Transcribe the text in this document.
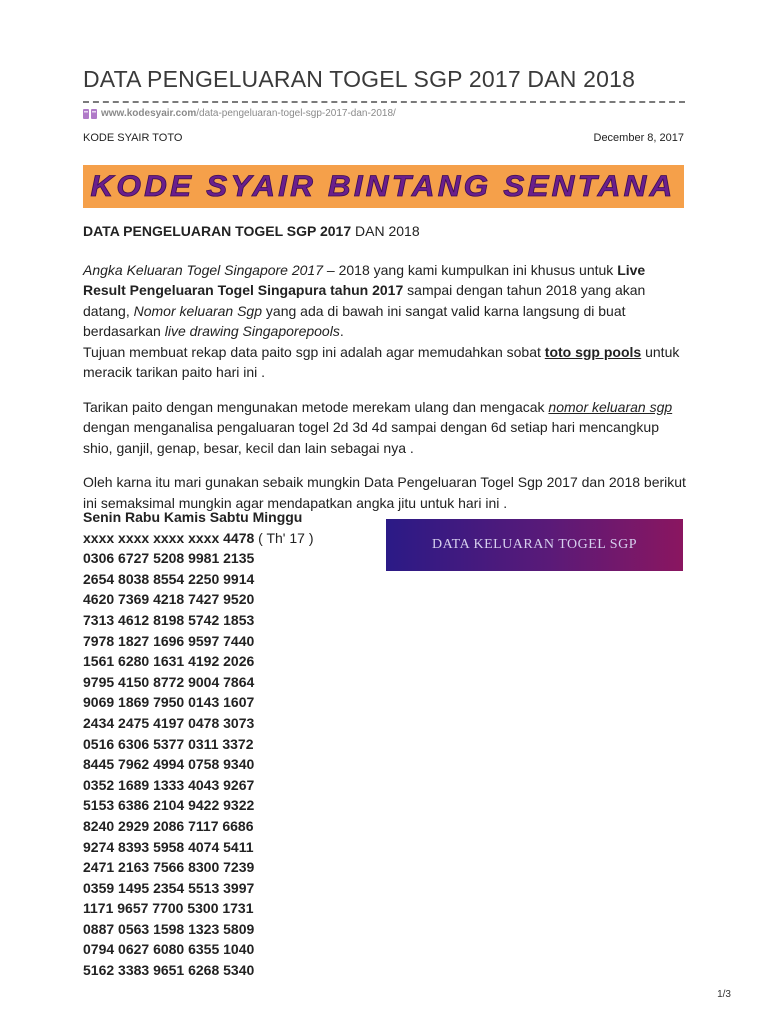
DATA PENGELUARAN TOGEL SGP 2017 DAN 2018
www.kodesyair.com/data-pengeluaran-togel-sgp-2017-dan-2018/
KODE SYAIR TOTO	December 8, 2017
KODE SYAIR BINTANG SENTANA

DATA PENGELUARAN TOGEL SGP 2017 DAN 2018

Angka Keluaran Togel Singapore 2017 – 2018 yang kami kumpulkan ini khusus untuk Live Result Pengeluaran Togel Singapura tahun 2017 sampai dengan tahun 2018 yang akan datang, Nomor keluaran Sgp yang ada di bawah ini sangat valid karna langsung di buat berdasarkan live drawing Singaporepools.

Tujuan membuat rekap data paito sgp ini adalah agar memudahkan sobat toto sgp pools untuk meracik tarikan paito hari ini .

Tarikan paito dengan mengunakan metode merekam ulang dan mengacak nomor keluaran sgp dengan menganalisa pengaluaran togel 2d 3d 4d sampai dengan 6d setiap hari mencangkup shio, ganjil, genap, besar, kecil dan lain sebagai nya .

Oleh karna itu mari gunakan sebaik mungkin Data Pengeluaran Togel Sgp 2017 dan 2018 berikut ini semaksimal mungkin agar mendapatkan angka jitu untuk hari ini .

Senin Rabu Kamis Sabtu Minggu
xxxx xxxx xxxx xxxx 4478 ( Th' 17 )
0306 6727 5208 9981 2135
2654 8038 8554 2250 9914
4620 7369 4218 7427 9520
7313 4612 8198 5742 1853
7978 1827 1696 9597 7440
1561 6280 1631 4192 2026
9795 4150 8772 9004 7864
9069 1869 7950 0143 1607
2434 2475 4197 0478 3073
0516 6306 5377 0311 3372
8445 7962 4994 0758 9340
0352 1689 1333 4043 9267
5153 6386 2104 9422 9322
8240 2929 2086 7117 6686
9274 8393 5958 4074 5411
2471 2163 7566 8300 7239
0359 1495 2354 5513 3997
1171 9657 7700 5300 1731
0887 0563 1598 1323 5809
0794 0627 6080 6355 1040
5162 3383 9651 6268 5340
DATA KELUARAN TOGEL SGP
1/3
